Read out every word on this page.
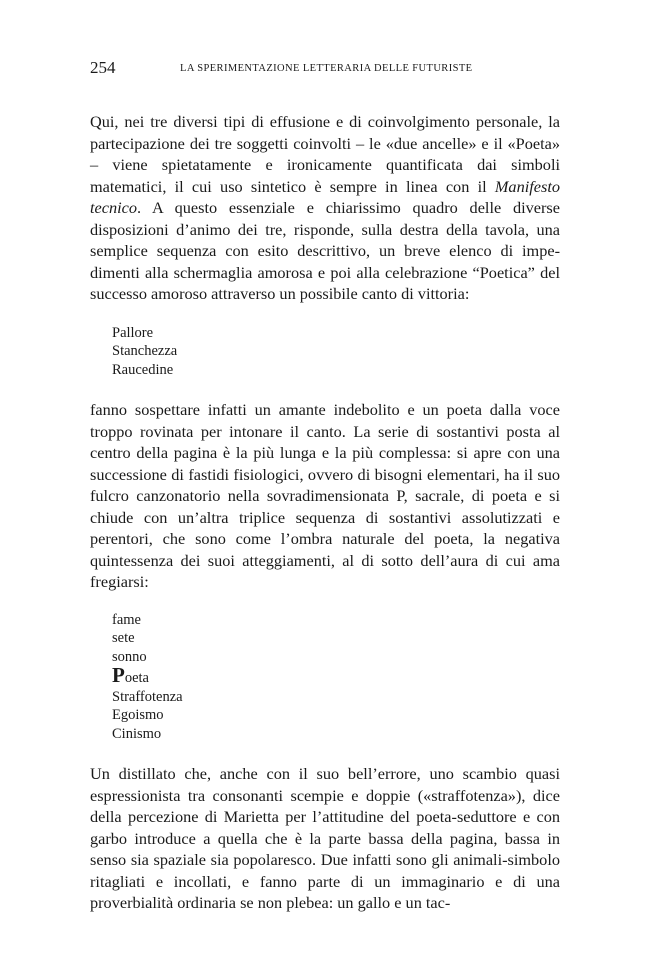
254	LA SPERIMENTAZIONE LETTERARIA DELLE FUTURISTE

Qui, nei tre diversi tipi di effusione e di coinvolgimento personale, la partecipazione dei tre soggetti coinvolti – le «due ancelle» e il «Poeta» – viene spietatamente e ironicamente quantificata dai simboli matematici, il cui uso sintetico è sempre in linea con il Manifesto tecnico. A questo essenziale e chiarissimo quadro delle diverse disposizioni d’animo dei tre, risponde, sulla destra della tavola, una semplice sequenza con esito descrittivo, un breve elenco di impedimenti alla schermaglia amorosa e poi alla celebrazione “Poetica” del successo amoroso attraverso un possibile canto di vittoria:

Pallore
Stanchezza
Raucedine

fanno sospettare infatti un amante indebolito e un poeta dalla voce troppo rovinata per intonare il canto. La serie di sostantivi posta al centro della pagina è la più lunga e la più complessa: si apre con una successione di fastidi fisiologici, ovvero di bisogni elementari, ha il suo fulcro canzonatorio nella sovradimensionata P, sacrale, di poeta e si chiude con un’altra triplice sequenza di sostantivi assolutizzati e perentori, che sono come l’ombra naturale del poeta, la negativa quintessenza dei suoi atteggiamenti, al di sotto dell’aura di cui ama fregiarsi:

fame
sete
sonno
Poeta
Straffotenza
Egoismo
Cinismo

Un distillato che, anche con il suo bell’errore, uno scambio quasi espressionista tra consonanti scempie e doppie («straffotenza»), dice della percezione di Marietta per l’attitudine del poeta-seduttore e con garbo introduce a quella che è la parte bassa della pagina, bassa in senso sia spaziale sia popolaresco. Due infatti sono gli animali-simbolo ritagliati e incollati, e fanno parte di un immaginario e di una proverbialità ordinaria se non plebea: un gallo e un tac-
